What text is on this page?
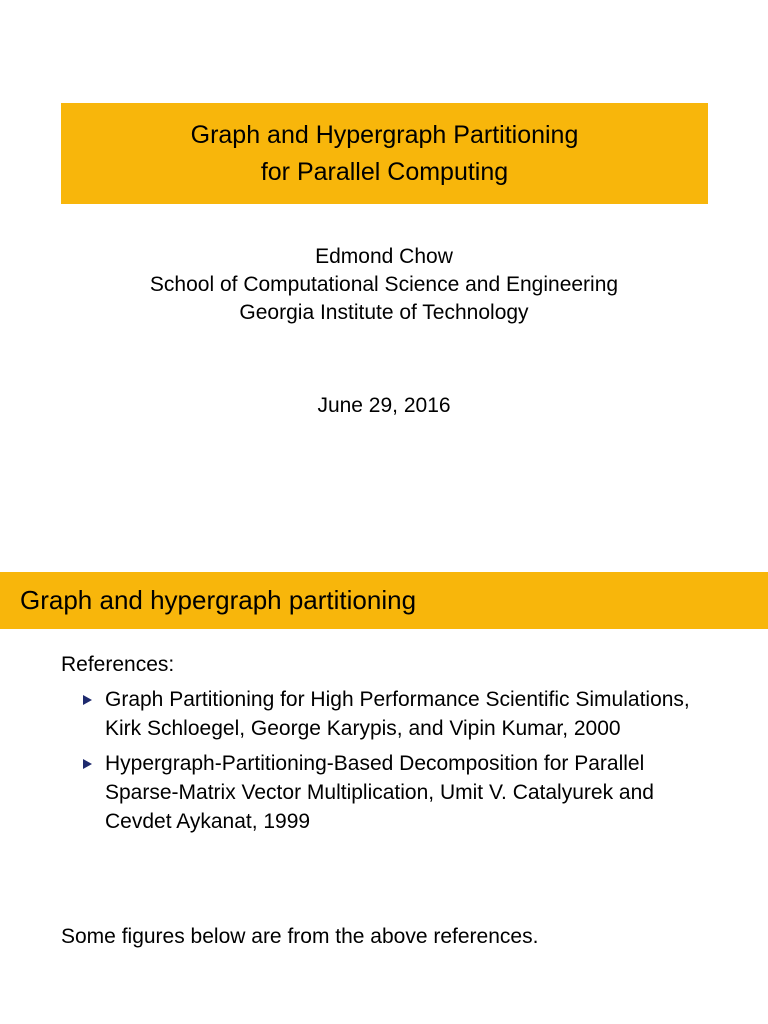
Graph and Hypergraph Partitioning
for Parallel Computing
Edmond Chow
School of Computational Science and Engineering
Georgia Institute of Technology
June 29, 2016
Graph and hypergraph partitioning
References:
Graph Partitioning for High Performance Scientific Simulations, Kirk Schloegel, George Karypis, and Vipin Kumar, 2000
Hypergraph-Partitioning-Based Decomposition for Parallel Sparse-Matrix Vector Multiplication, Umit V. Catalyurek and Cevdet Aykanat, 1999
Some figures below are from the above references.
